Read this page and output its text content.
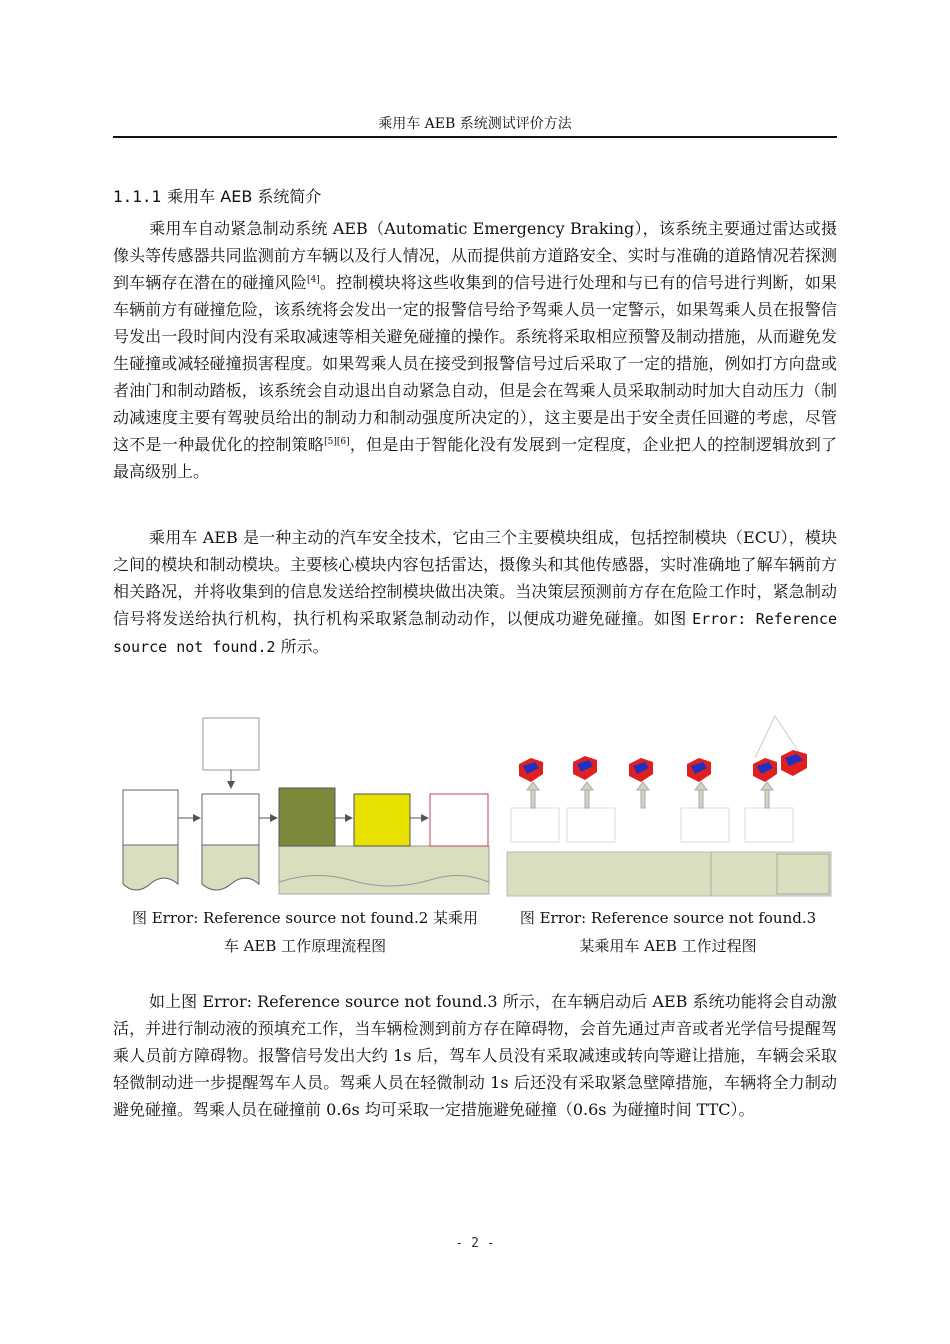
乘用车 AEB 系统测试评价方法
1.1.1 乘用车 AEB 系统简介

乘用车自动紧急制动系统 AEB（Automatic Emergency Braking），该系统主要通过雷达或摄像头等传感器共同监测前方车辆以及行人情况，从而提供前方道路安全、实时与准确的道路情况若探测到车辆存在潜在的碰撞风险[4]。控制模块将这些收集到的信号进行处理和与已有的信号进行判断，如果车辆前方有碰撞危险，该系统将会发出一定的报警信号给予驾乘人员一定警示，如果驾乘人员在报警信号发出一段时间内没有采取减速等相关避免碰撞的操作。系统将采取相应预警及制动措施，从而避免发生碰撞或减轻碰撞损害程度。如果驾乘人员在接受到报警信号过后采取了一定的措施，例如打方向盘或者油门和制动踏板，该系统会自动退出自动紧急自动，但是会在驾乘人员采取制动时加大自动压力（制动减速度主要有驾驶员给出的制动力和制动强度所决定的），这主要是出于安全责任回避的考虑，尽管这不是一种最优化的控制策略[5][6]，但是由于智能化没有发展到一定程度，企业把人的控制逻辑放到了最高级别上。

乘用车 AEB 是一种主动的汽车安全技术，它由三个主要模块组成，包括控制模块（ECU），模块之间的模块和制动模块。主要核心模块内容包括雷达，摄像头和其他传感器，实时准确地了解车辆前方相关路况，并将收集到的信息发送给控制模块做出决策。当决策层预测前方存在危险工作时，紧急制动信号将发送给执行机构，执行机构采取紧急制动动作，以便成功避免碰撞。如图 Error: Reference source not found.2 所示。

图 Error: Reference source not found.2 某乘用
车 AEB 工作原理流程图
图 Error: Reference source not found.3
某乘用车 AEB 工作过程图

如上图 Error: Reference source not found.3 所示，在车辆启动后 AEB 系统功能将会自动激活，并进行制动液的预填充工作，当车辆检测到前方存在障碍物，会首先通过声音或者光学信号提醒驾乘人员前方障碍物。报警信号发出大约 1s 后，驾车人员没有采取减速或转向等避让措施，车辆会采取轻微制动进一步提醒驾车人员。驾乘人员在轻微制动 1s 后还没有采取紧急壁障措施，车辆将全力制动避免碰撞。驾乘人员在碰撞前 0.6s 均可采取一定措施避免碰撞（0.6s 为碰撞时间 TTC）。

- 2 -
